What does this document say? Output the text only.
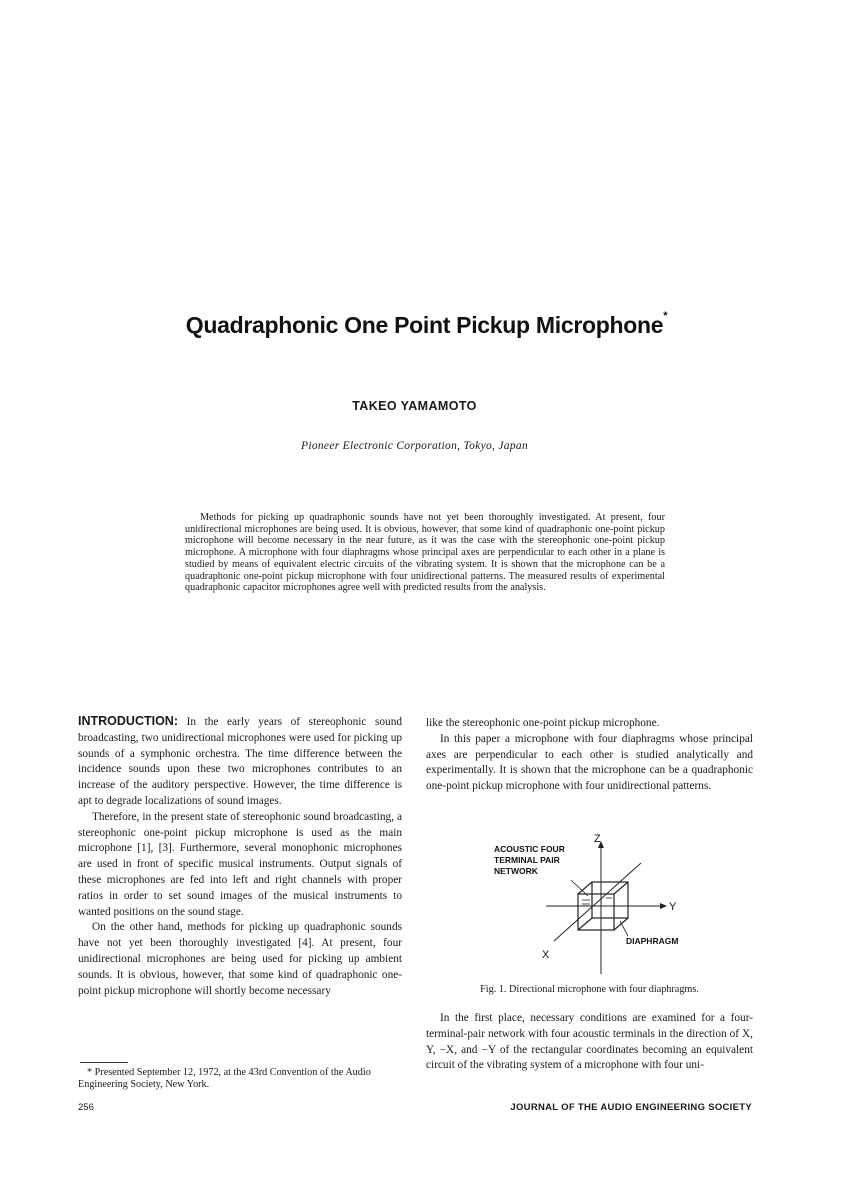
Quadraphonic One Point Pickup Microphone*
TAKEO YAMAMOTO
Pioneer Electronic Corporation, Tokyo, Japan
Methods for picking up quadraphonic sounds have not yet been thoroughly investigated. At present, four unidirectional microphones are being used. It is obvious, however, that some kind of quadraphonic one-point pickup microphone will become necessary in the near future, as it was the case with the stereophonic one-point pickup microphone. A microphone with four diaphragms whose principal axes are perpendicular to each other in a plane is studied by means of equivalent electric circuits of the vibrating system. It is shown that the microphone can be a quadraphonic one-point pickup microphone with four unidirectional patterns. The measured results of experimental quadraphonic capacitor microphones agree well with predicted results from the analysis.

INTRODUCTION: In the early years of stereophonic sound broadcasting, two unidirectional microphones were used for picking up sounds of a symphonic orchestra. The time difference between the incidence sounds upon these two microphones contributes to an increase of the auditory perspective. However, the time difference is apt to degrade localizations of sound images.

Therefore, in the present state of stereophonic sound broadcasting, a stereophonic one-point pickup microphone is used as the main microphone [1], [3]. Furthermore, several monophonic microphones are used in front of specific musical instruments. Output signals of these microphones are fed into left and right channels with proper ratios in order to set sound images of the musical instruments to wanted positions on the sound stage.

On the other hand, methods for picking up quadraphonic sounds have not yet been thoroughly investigated [4]. At present, four unidirectional microphones are being used for picking up ambient sounds. It is obvious, however, that some kind of quadraphonic one-point pickup microphone will shortly become necessary

like the stereophonic one-point pickup microphone.

In this paper a microphone with four diaphragms whose principal axes are perpendicular to each other is studied analytically and experimentally. It is shown that the microphone can be a quadraphonic one-point pickup microphone with four unidirectional patterns.

ACOUSTIC FOUR
TERMINAL PAIR
NETWORK
Z
Y
X
DIAPHRAGM
Fig. 1. Directional microphone with four diaphragms.

In the first place, necessary conditions are examined for a four-terminal-pair network with four acoustic terminals in the direction of X, Y, −X, and −Y of the rectangular coordinates becoming an equivalent circuit of the vibrating system of a microphone with four uni-

* Presented September 12, 1972, at the 43rd Convention of the Audio Engineering Society, New York.

256	JOURNAL OF THE AUDIO ENGINEERING SOCIETY
